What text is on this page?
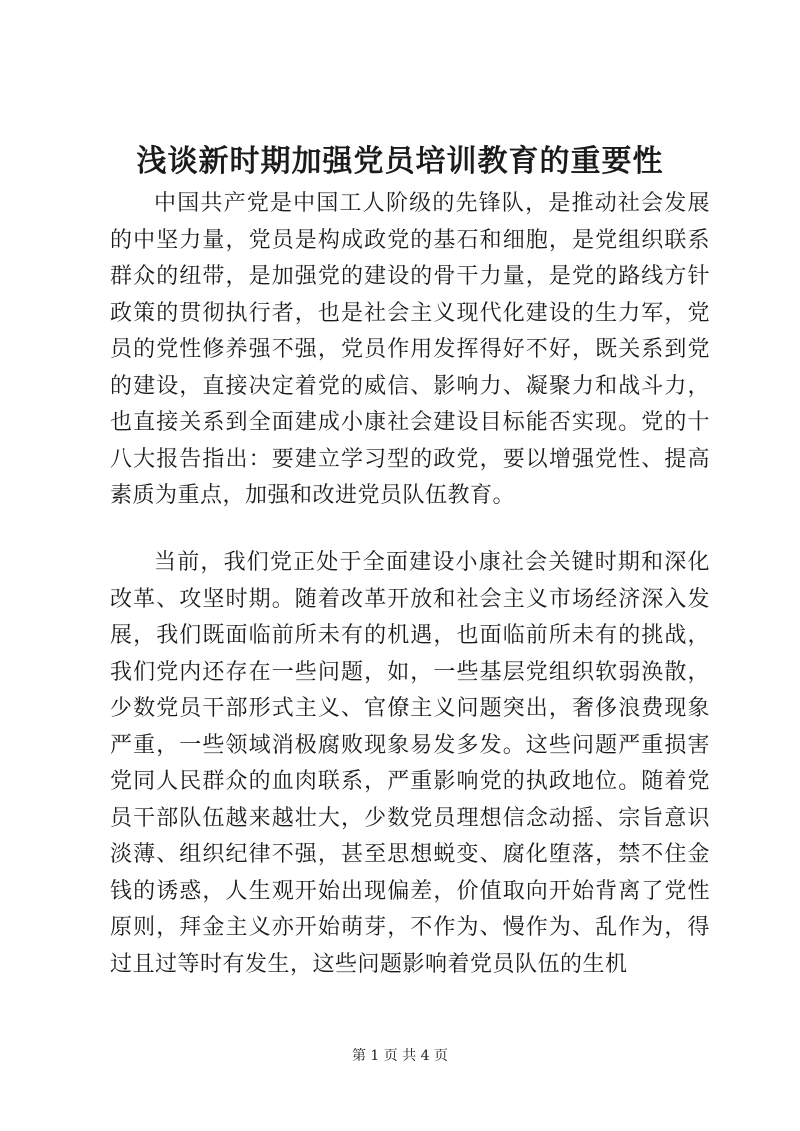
浅谈新时期加强党员培训教育的重要性

中国共产党是中国工人阶级的先锋队，是推动社会发展的中坚力量，党员是构成政党的基石和细胞，是党组织联系群众的纽带，是加强党的建设的骨干力量，是党的路线方针政策的贯彻执行者，也是社会主义现代化建设的生力军，党员的党性修养强不强，党员作用发挥得好不好，既关系到党的建设，直接决定着党的威信、影响力、凝聚力和战斗力，也直接关系到全面建成小康社会建设目标能否实现。党的十八大报告指出：要建立学习型的政党，要以增强党性、提高素质为重点，加强和改进党员队伍教育。

当前，我们党正处于全面建设小康社会关键时期和深化改革、攻坚时期。随着改革开放和社会主义市场经济深入发展，我们既面临前所未有的机遇，也面临前所未有的挑战，我们党内还存在一些问题，如，一些基层党组织软弱涣散，少数党员干部形式主义、官僚主义问题突出，奢侈浪费现象严重，一些领域消极腐败现象易发多发。这些问题严重损害党同人民群众的血肉联系，严重影响党的执政地位。随着党员干部队伍越来越壮大，少数党员理想信念动摇、宗旨意识淡薄、组织纪律不强，甚至思想蜕变、腐化堕落，禁不住金钱的诱惑，人生观开始出现偏差，价值取向开始背离了党性原则，拜金主义亦开始萌芽，不作为、慢作为、乱作为，得过且过等时有发生，这些问题影响着党员队伍的生机

第 1 页 共 4 页
